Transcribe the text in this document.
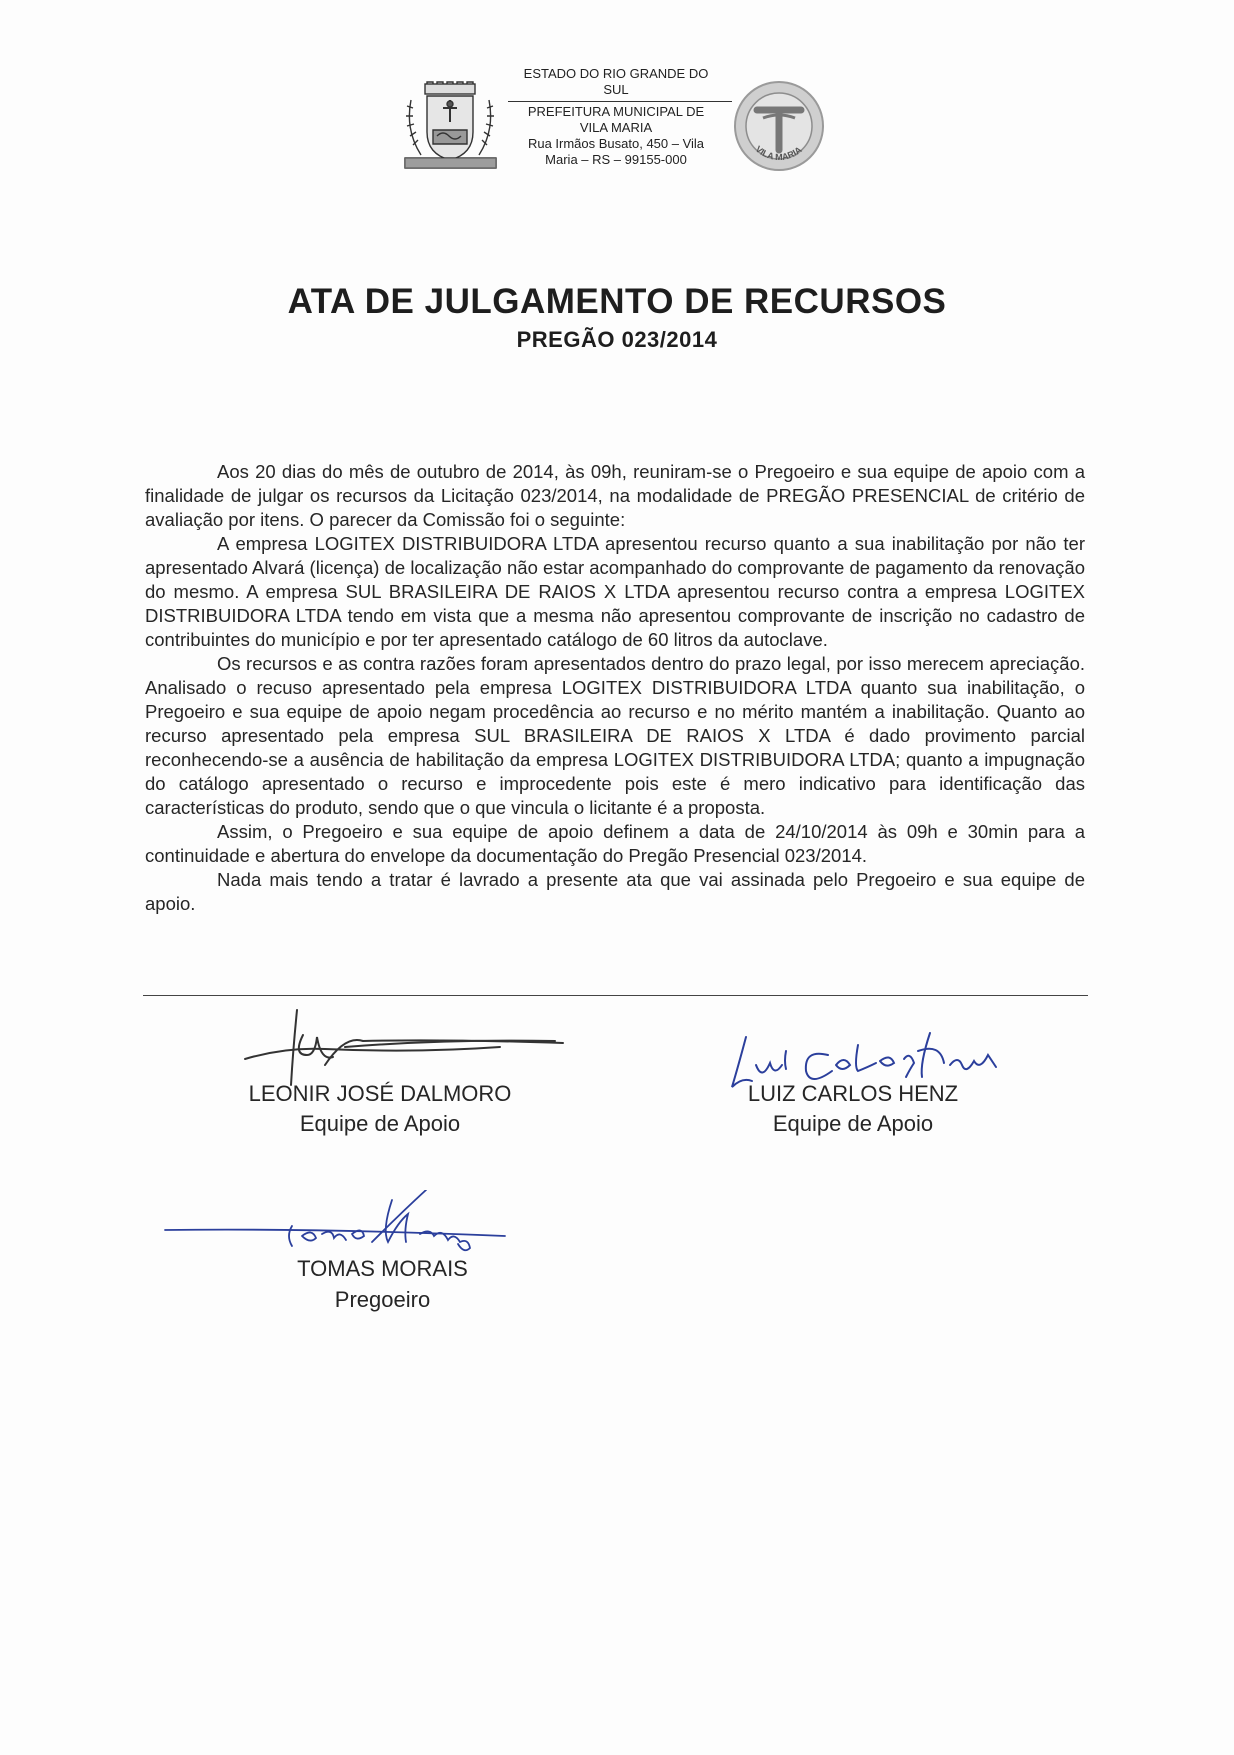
ESTADO DO RIO GRANDE DO
SUL
PREFEITURA MUNICIPAL DE
VILA MARIA
Rua Irmãos Busato, 450 – Vila
Maria – RS – 99155-000
VILA MARIA
ATA DE JULGAMENTO DE RECURSOS
PREGÃO 023/2014

Aos 20 dias do mês de outubro de 2014, às 09h, reuniram-se o Pregoeiro e sua equipe de apoio com a finalidade de julgar os recursos da Licitação 023/2014, na modalidade de PREGÃO PRESENCIAL de critério de avaliação por itens. O parecer da Comissão foi o seguinte:

A empresa LOGITEX DISTRIBUIDORA LTDA apresentou recurso quanto a sua inabilitação por não ter apresentado Alvará (licença) de localização não estar acompanhado do comprovante de pagamento da renovação do mesmo. A empresa SUL BRASILEIRA DE RAIOS X LTDA apresentou recurso contra a empresa LOGITEX DISTRIBUIDORA LTDA tendo em vista que a mesma não apresentou comprovante de inscrição no cadastro de contribuintes do município e por ter apresentado catálogo de 60 litros da autoclave.

Os recursos e as contra razões foram apresentados dentro do prazo legal, por isso merecem apreciação. Analisado o recuso apresentado pela empresa LOGITEX DISTRIBUIDORA LTDA quanto sua inabilitação, o Pregoeiro e sua equipe de apoio negam procedência ao recurso e no mérito mantém a inabilitação. Quanto ao recurso apresentado pela empresa SUL BRASILEIRA DE RAIOS X LTDA é dado provimento parcial reconhecendo-se a ausência de habilitação da empresa LOGITEX DISTRIBUIDORA LTDA; quanto a impugnação do catálogo apresentado o recurso e improcedente pois este é mero indicativo para identificação das características do produto, sendo que o que vincula o licitante é a proposta.

Assim, o Pregoeiro e sua equipe de apoio definem a data de 24/10/2014 às 09h e 30min para a continuidade e abertura do envelope da documentação do Pregão Presencial 023/2014.

Nada mais tendo a tratar é lavrado a presente ata que vai assinada pelo Pregoeiro e sua equipe de apoio.

LEONIR JOSÉ DALMORO
Equipe de Apoio
LUIZ CARLOS HENZ
Equipe de Apoio
TOMAS MORAIS
Pregoeiro
